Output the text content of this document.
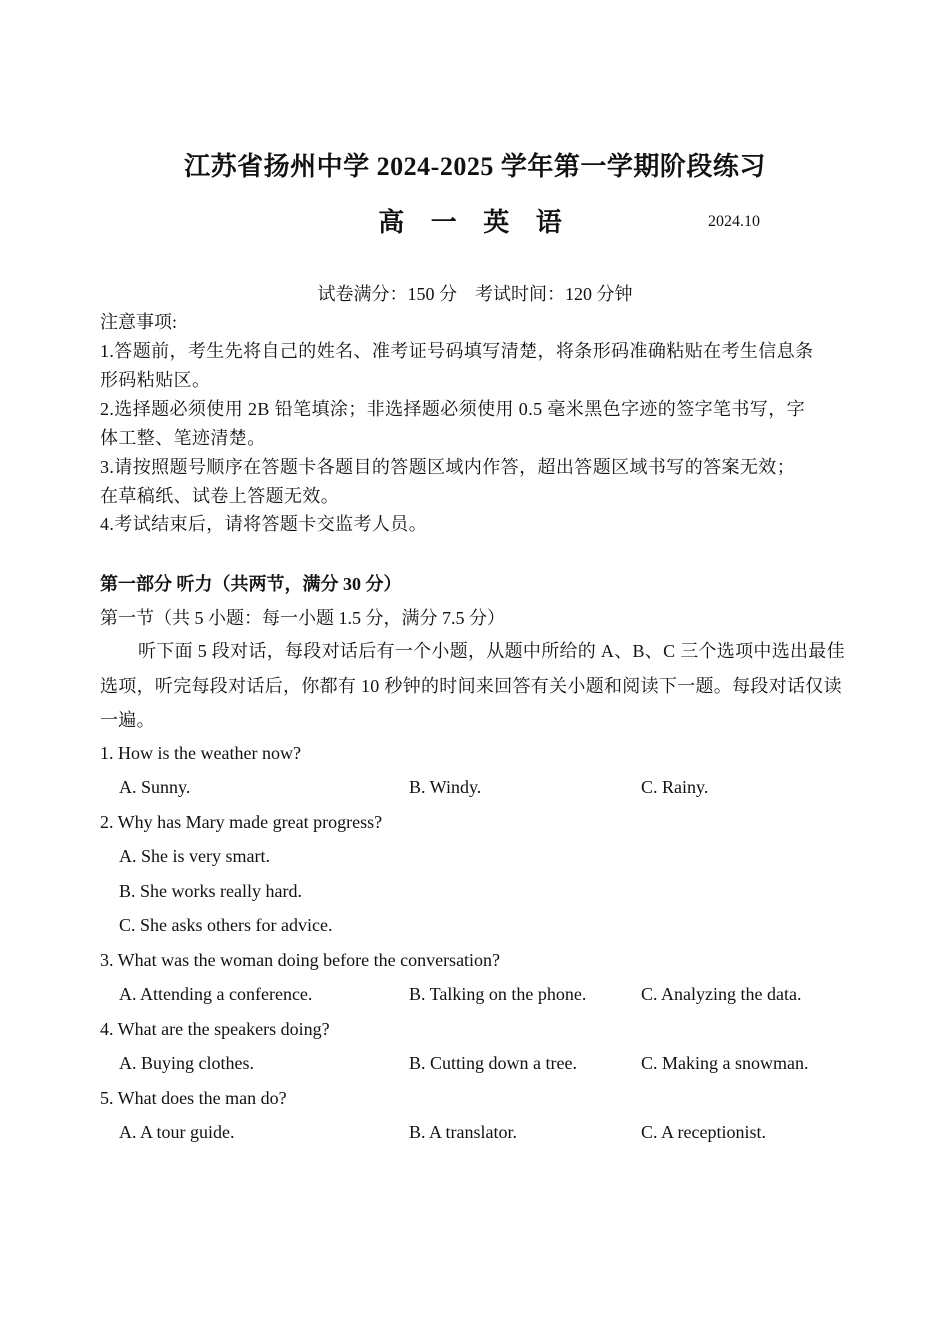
江苏省扬州中学 2024-2025 学年第一学期阶段练习
高 一 英 语	2024.10
试卷满分：150 分　考试时间：120 分钟
注意事项:
1.答题前，考生先将自己的姓名、准考证号码填写清楚，将条形码准确粘贴在考生信息条
形码粘贴区。
2.选择题必须使用 2B 铅笔填涂；非选择题必须使用 0.5 毫米黑色字迹的签字笔书写，字
体工整、笔迹清楚。
3.请按照题号顺序在答题卡各题目的答题区域内作答，超出答题区域书写的答案无效；
在草稿纸、试卷上答题无效。
4.考试结束后，请将答题卡交监考人员。
第一部分 听力（共两节，满分 30 分）
第一节（共 5 小题：每一小题 1.5 分，满分 7.5 分）
听下面 5 段对话，每段对话后有一个小题，从题中所给的 A、B、C 三个选项中选出最佳选项，听完每段对话后，你都有 10 秒钟的时间来回答有关小题和阅读下一题。每段对话仅读一遍。
1. How is the weather now?
A. Sunny.	B. Windy.	C. Rainy.
2. Why has Mary made great progress?
A. She is very smart.
B. She works really hard.
C. She asks others for advice.
3. What was the woman doing before the conversation?
A. Attending a conference.	B. Talking on the phone.	C. Analyzing the data.
4. What are the speakers doing?
A. Buying clothes.	B. Cutting down a tree.	C. Making a snowman.
5. What does the man do?
A. A tour guide.	B. A translator.	C. A receptionist.
